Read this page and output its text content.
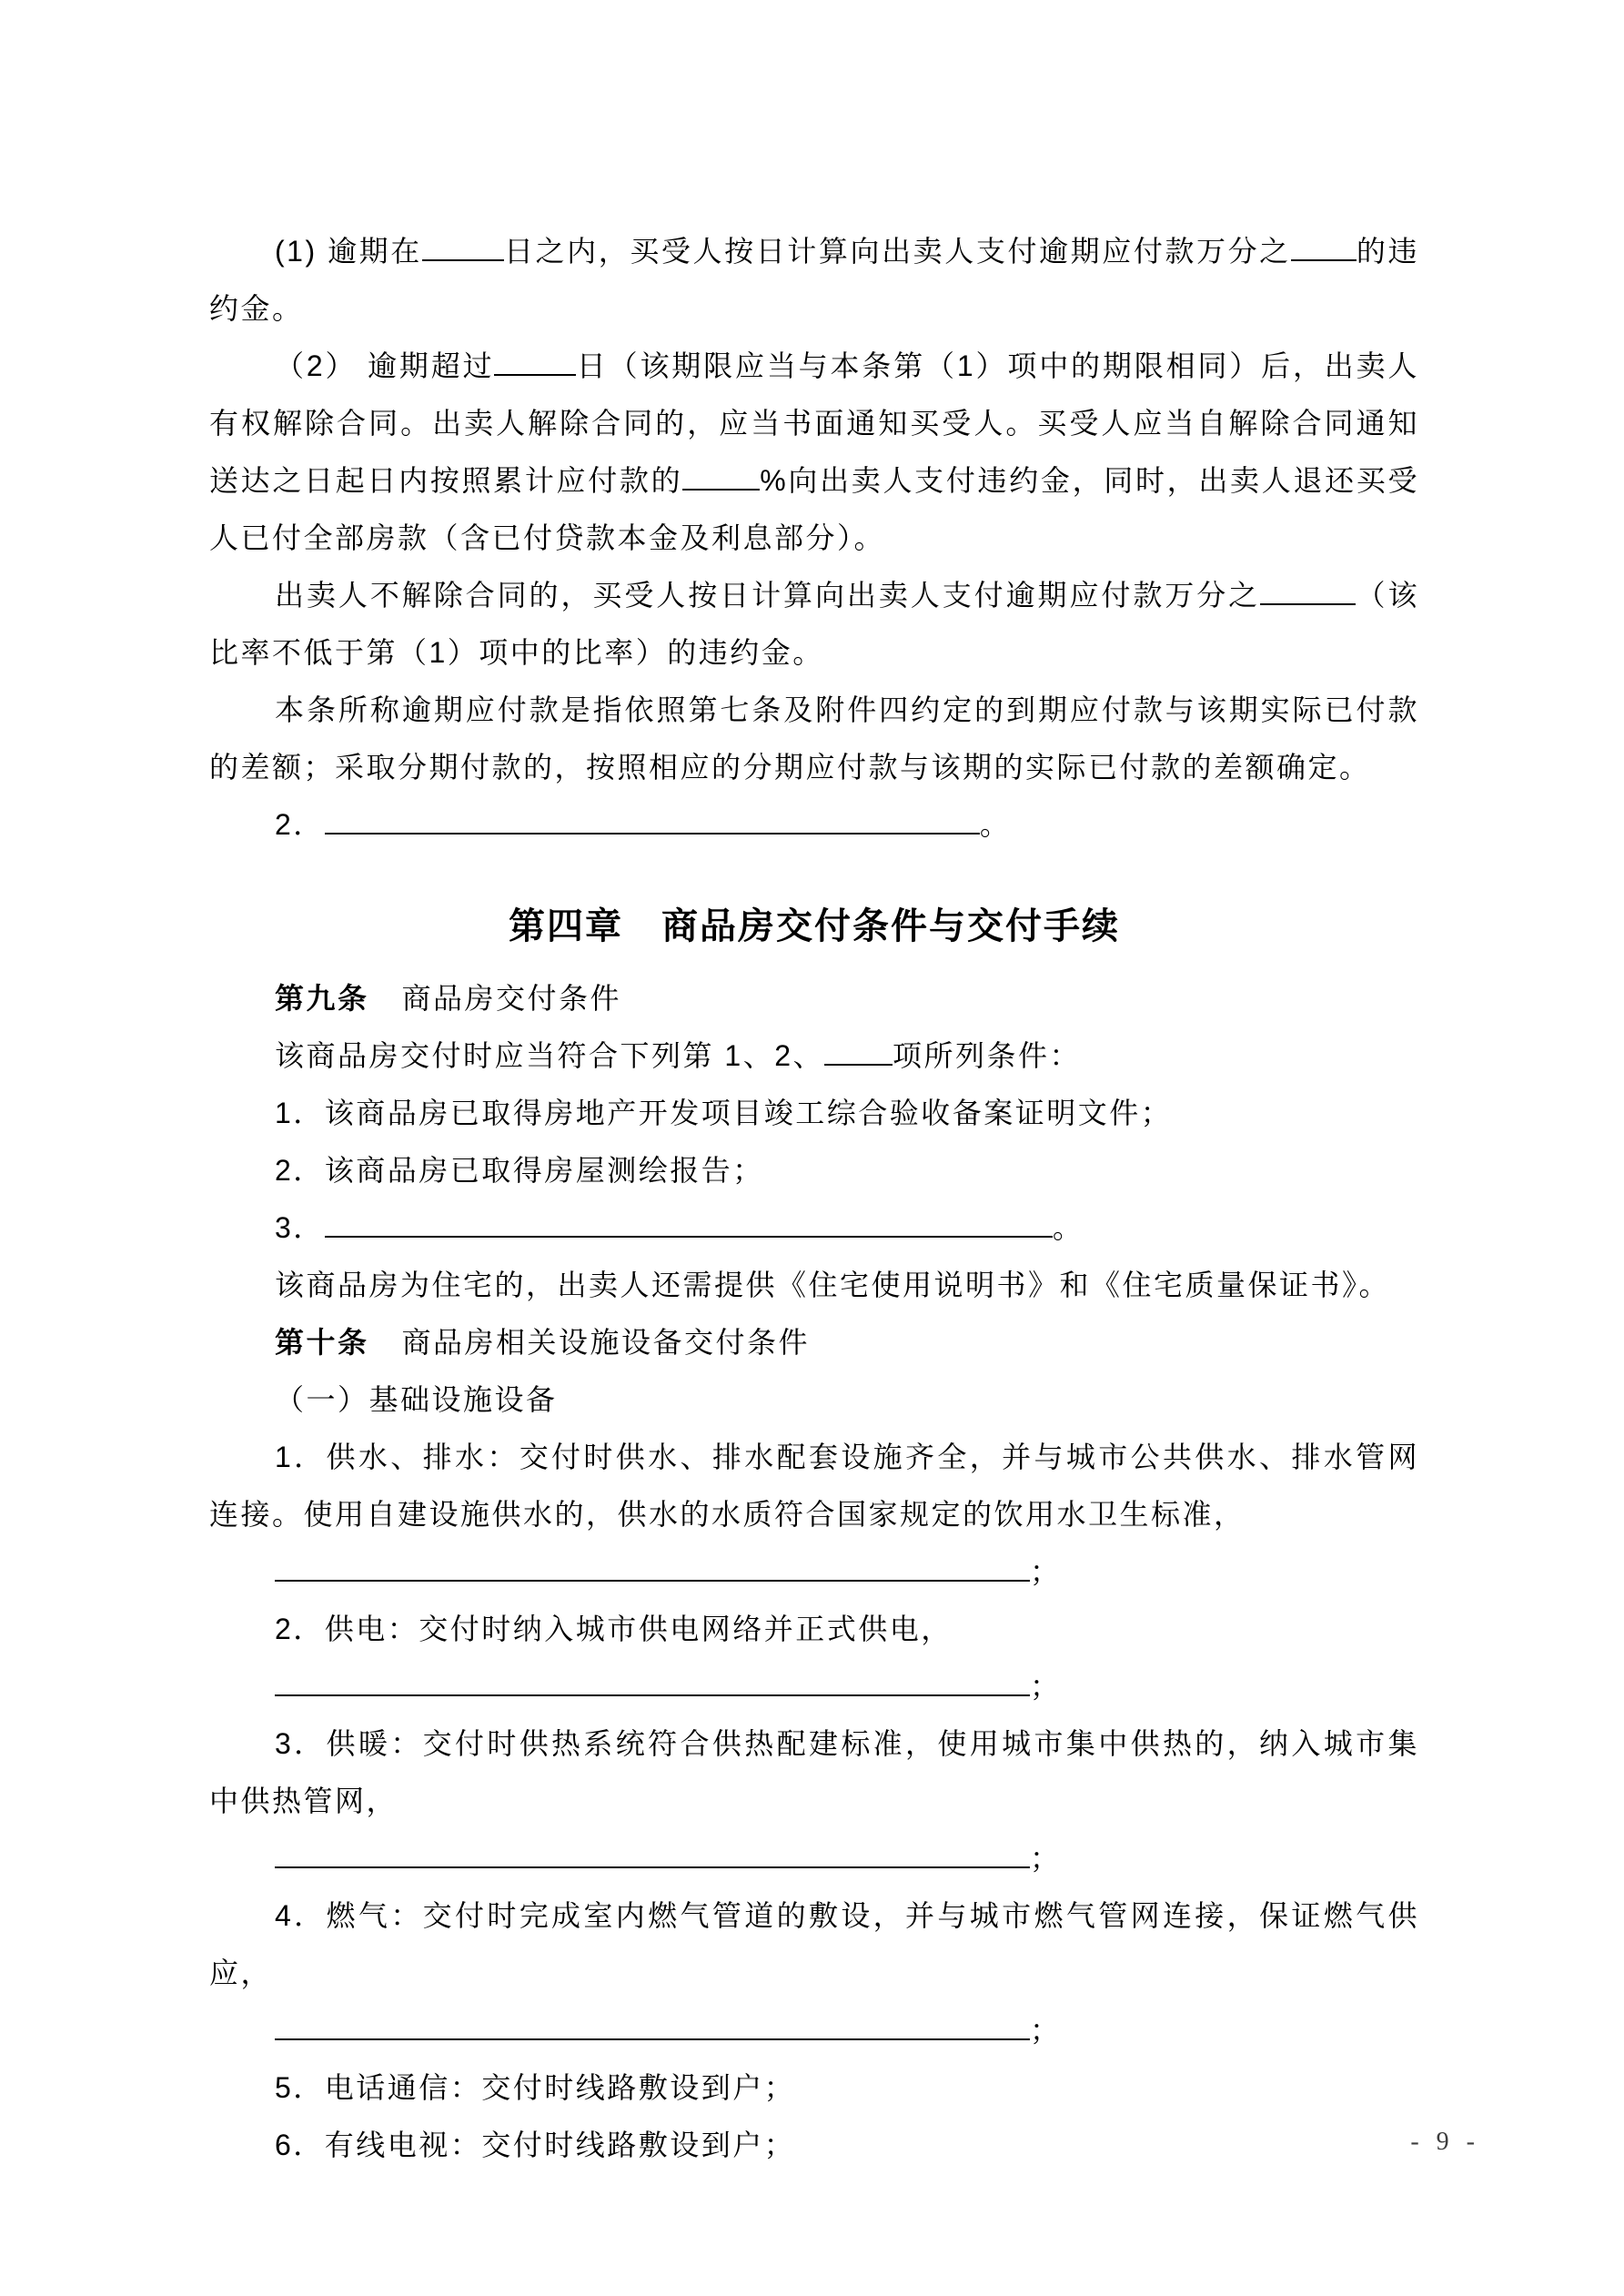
(1) 逾期在	日之内，买受人按日计算向出卖人支付逾期应付款万分之 的违约金。

（2） 逾期超过	日（该期限应当与本条第（1）项中的期限相同）后，出卖人有权解除合同。出卖人解除合同的，应当书面通知买受人。买受人应当自解除合同通知送达之日起日内按照累计应付款的	%向出卖人支付违约金，同时，出卖人退还买受人已付全部房款（含已付贷款本金及利息部分）。

出卖人不解除合同的，买受人按日计算向出卖人支付逾期应付款万分之	（该比率不低于第（1）项中的比率）的违约金。

本条所称逾期应付款是指依照第七条及附件四约定的到期应付款与该期实际已付款的差额；采取分期付款的，按照相应的分期应付款与该期的实际已付款的差额确定。

2．	。

第四章 商品房交付条件与交付手续

第九条 商品房交付条件

该商品房交付时应当符合下列第 1、2、 项所列条件：

1．该商品房已取得房地产开发项目竣工综合验收备案证明文件；

2．该商品房已取得房屋测绘报告；

3．	。

该商品房为住宅的，出卖人还需提供《住宅使用说明书》和《住宅质量保证书》。

第十条 商品房相关设施设备交付条件

（一）基础设施设备

1．供水、排水：交付时供水、排水配套设施齐全，并与城市公共供水、排水管网连接。使用自建设施供水的，供水的水质符合国家规定的饮用水卫生标准，

；

2．供电：交付时纳入城市供电网络并正式供电，

；

3．供暖：交付时供热系统符合供热配建标准，使用城市集中供热的，纳入城市集中供热管网，

；

4．燃气：交付时完成室内燃气管道的敷设，并与城市燃气管网连接，保证燃气供应，

；

5．电话通信：交付时线路敷设到户；

6．有线电视：交付时线路敷设到户；	- 9 -
